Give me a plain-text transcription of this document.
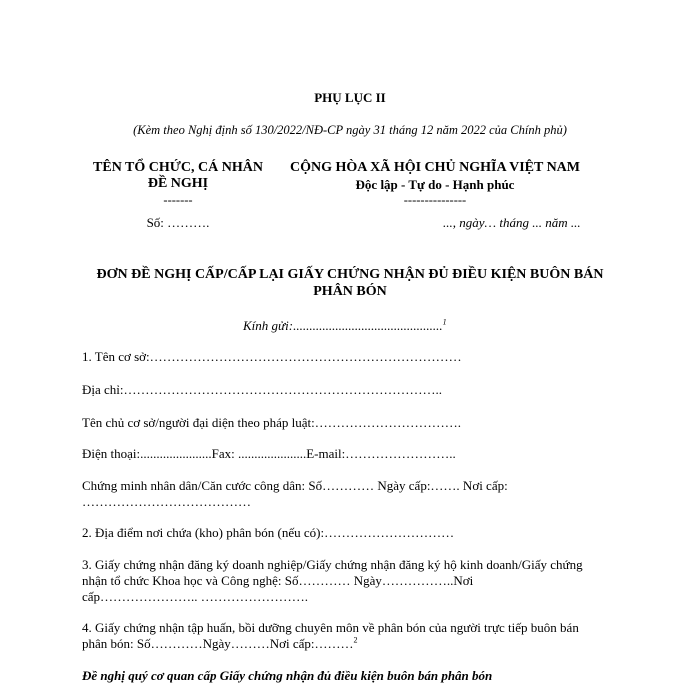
PHỤ LỤC II
(Kèm theo Nghị định số 130/2022/NĐ-CP ngày 31 tháng 12 năm 2022 của Chính phủ)
TÊN TỔ CHỨC, CÁ NHÂN
ĐỀ NGHỊ
-------
Số: ……….
CỘNG HÒA XÃ HỘI CHỦ NGHĨA VIỆT NAM
Độc lập - Tự do - Hạnh phúc
---------------
..., ngày… tháng ... năm ...
ĐƠN ĐỀ NGHỊ CẤP/CẤP LẠI GIẤY CHỨNG NHẬN ĐỦ ĐIỀU KIỆN BUÔN BÁN
PHÂN BÓN
Kính gửi:..............................................$^1$
1. Tên cơ sở:………………………………………………………………
Địa chỉ:………………………………………………………………..
Tên chủ cơ sở/người đại diện theo pháp luật:…………………………….
Điện thoại:......................Fax: .....................E-mail:……………………..
Chứng minh nhân dân/Căn cước công dân: Số………… Ngày cấp:……. Nơi cấp:
…………………………………
2. Địa điểm nơi chứa (kho) phân bón (nếu có):…………………………
3. Giấy chứng nhận đăng ký doanh nghiệp/Giấy chứng nhận đăng ký hộ kinh doanh/Giấy chứng
nhận tổ chức Khoa học và Công nghệ: Số………… Ngày……………..Nơi
cấp………………….. …………………….
4. Giấy chứng nhận tập huấn, bồi dưỡng chuyên môn về phân bón của người trực tiếp buôn bán
phân bón: Số…………Ngày………Nơi cấp:………$^2$
Đề nghị quý cơ quan cấp Giấy chứng nhận đủ điều kiện buôn bán phân bón
